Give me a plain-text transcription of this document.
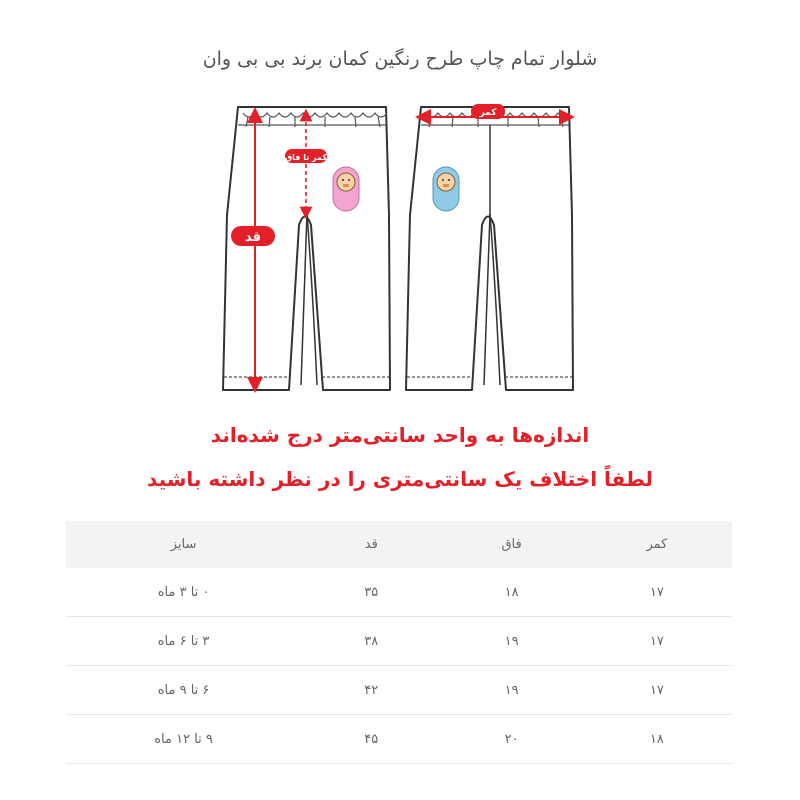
شلوار تمام چاپ طرح رنگین کمان برند بی بی وان
قد
کمر تا فاق
کمر
اندازه‌ها به واحد سانتی‌متر درج شده‌اند
لطفاً اختلاف یک سانتی‌متری را در نظر داشته باشید
کمر	فاق	قد	سایز
۱۷	۱۸	۳۵	۰ تا ۳ ماه
۱۷	۱۹	۳۸	۳ تا ۶ ماه
۱۷	۱۹	۴۲	۶ تا ۹ ماه
۱۸	۲۰	۴۵	۹ تا ۱۲ ماه
